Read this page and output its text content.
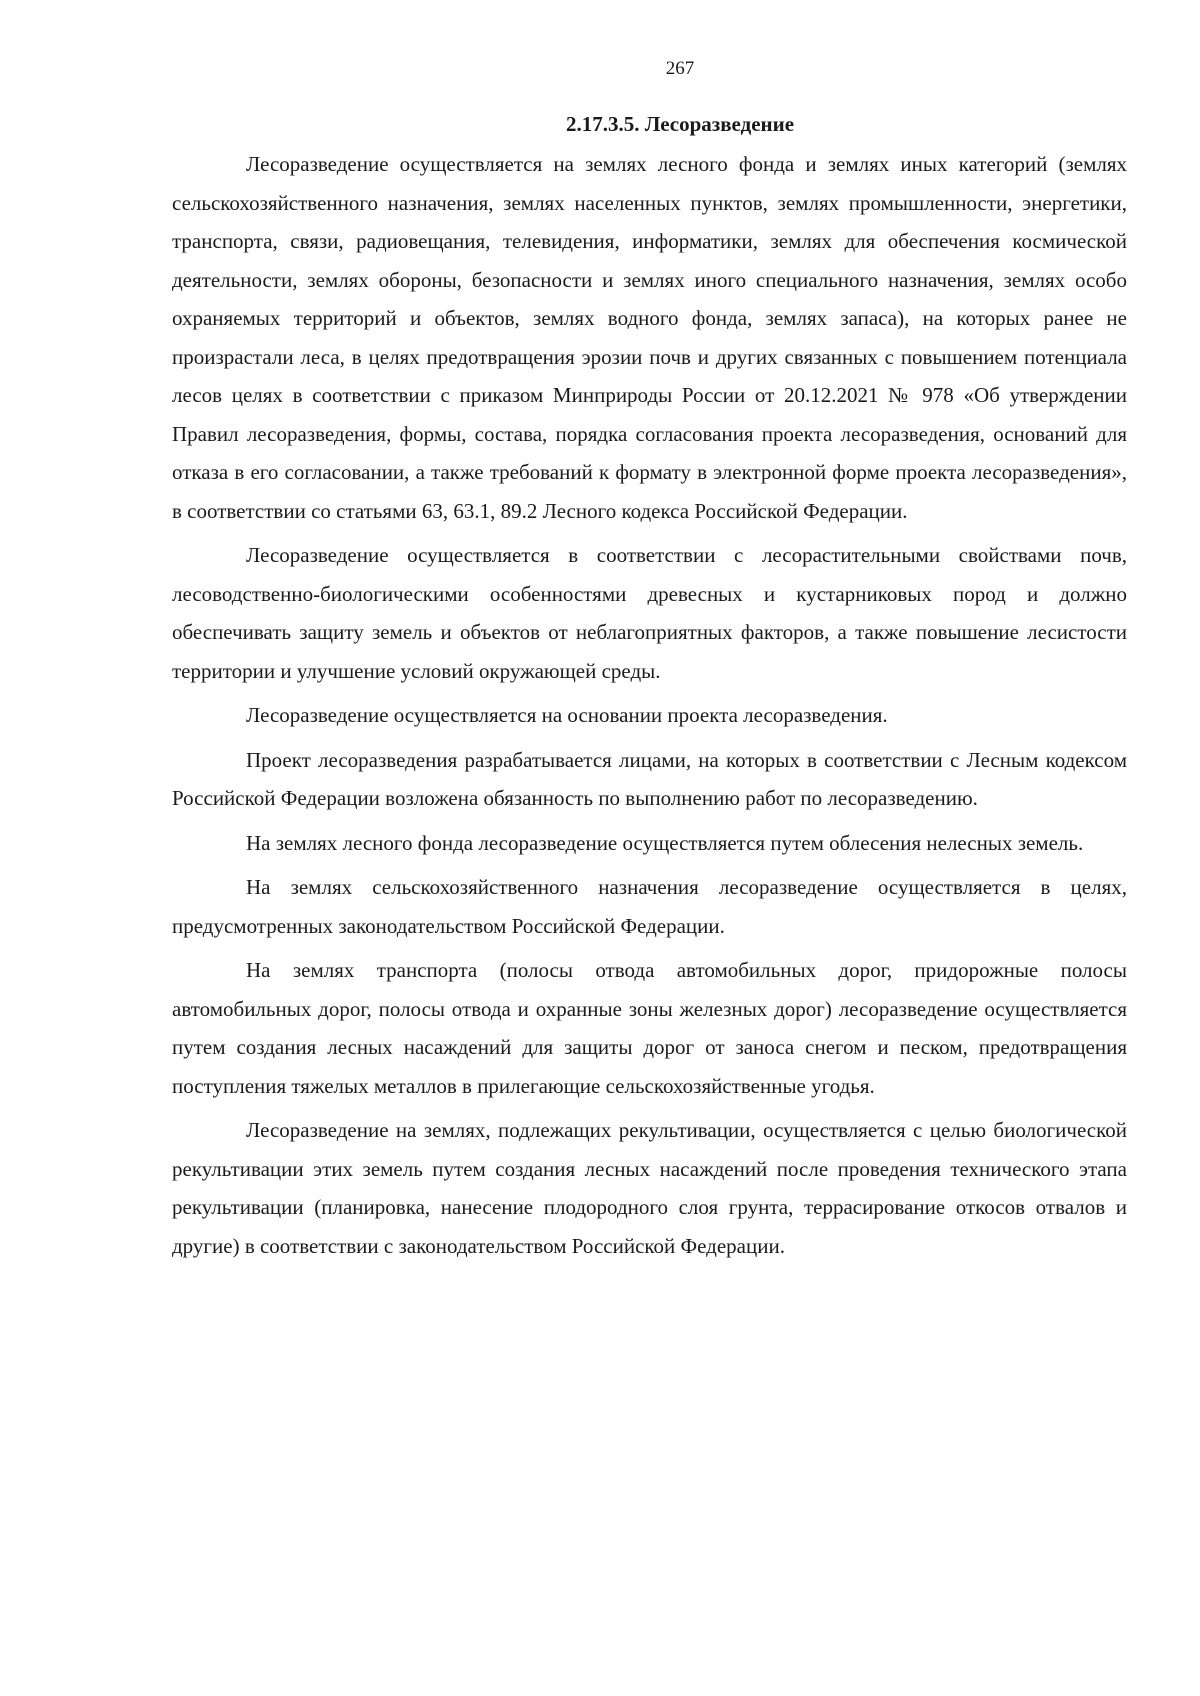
267
2.17.3.5. Лесоразведение

Лесоразведение осуществляется на землях лесного фонда и землях иных категорий (землях сельскохозяйственного назначения, землях населенных пунктов, землях промышленности, энергетики, транспорта, связи, радиовещания, телевидения, информатики, землях для обеспечения космической деятельности, землях обороны, безопасности и землях иного специального назначения, землях особо охраняемых территорий и объектов, землях водного фонда, землях запаса), на которых ранее не произрастали леса, в целях предотвращения эрозии почв и других связанных с повышением потенциала лесов целях в соответствии с приказом Минприроды России от 20.12.2021 № 978 «Об утверждении Правил лесоразведения, формы, состава, порядка согласования проекта лесоразведения, оснований для отказа в его согласовании, а также требований к формату в электронной форме проекта лесоразведения», в соответствии со статьями 63, 63.1, 89.2 Лесного кодекса Российской Федерации.

Лесоразведение осуществляется в соответствии с лесорастительными свойствами почв, лесоводственно-биологическими особенностями древесных и кустарниковых пород и должно обеспечивать защиту земель и объектов от неблагоприятных факторов, а также повышение лесистости территории и улучшение условий окружающей среды.

Лесоразведение осуществляется на основании проекта лесоразведения.

Проект лесоразведения разрабатывается лицами, на которых в соответствии с Лесным кодексом Российской Федерации возложена обязанность по выполнению работ по лесоразведению.

На землях лесного фонда лесоразведение осуществляется путем облесения нелесных земель.

На землях сельскохозяйственного назначения лесоразведение осуществляется в целях, предусмотренных законодательством Российской Федерации.

На землях транспорта (полосы отвода автомобильных дорог, придорожные полосы автомобильных дорог, полосы отвода и охранные зоны железных дорог) лесоразведение осуществляется путем создания лесных насаждений для защиты дорог от заноса снегом и песком, предотвращения поступления тяжелых металлов в прилегающие сельскохозяйственные угодья.

Лесоразведение на землях, подлежащих рекультивации, осуществляется с целью биологической рекультивации этих земель путем создания лесных насаждений после проведения технического этапа рекультивации (планировка, нанесение плодородного слоя грунта, террасирование откосов отвалов и другие) в соответствии с законодательством Российской Федерации.
